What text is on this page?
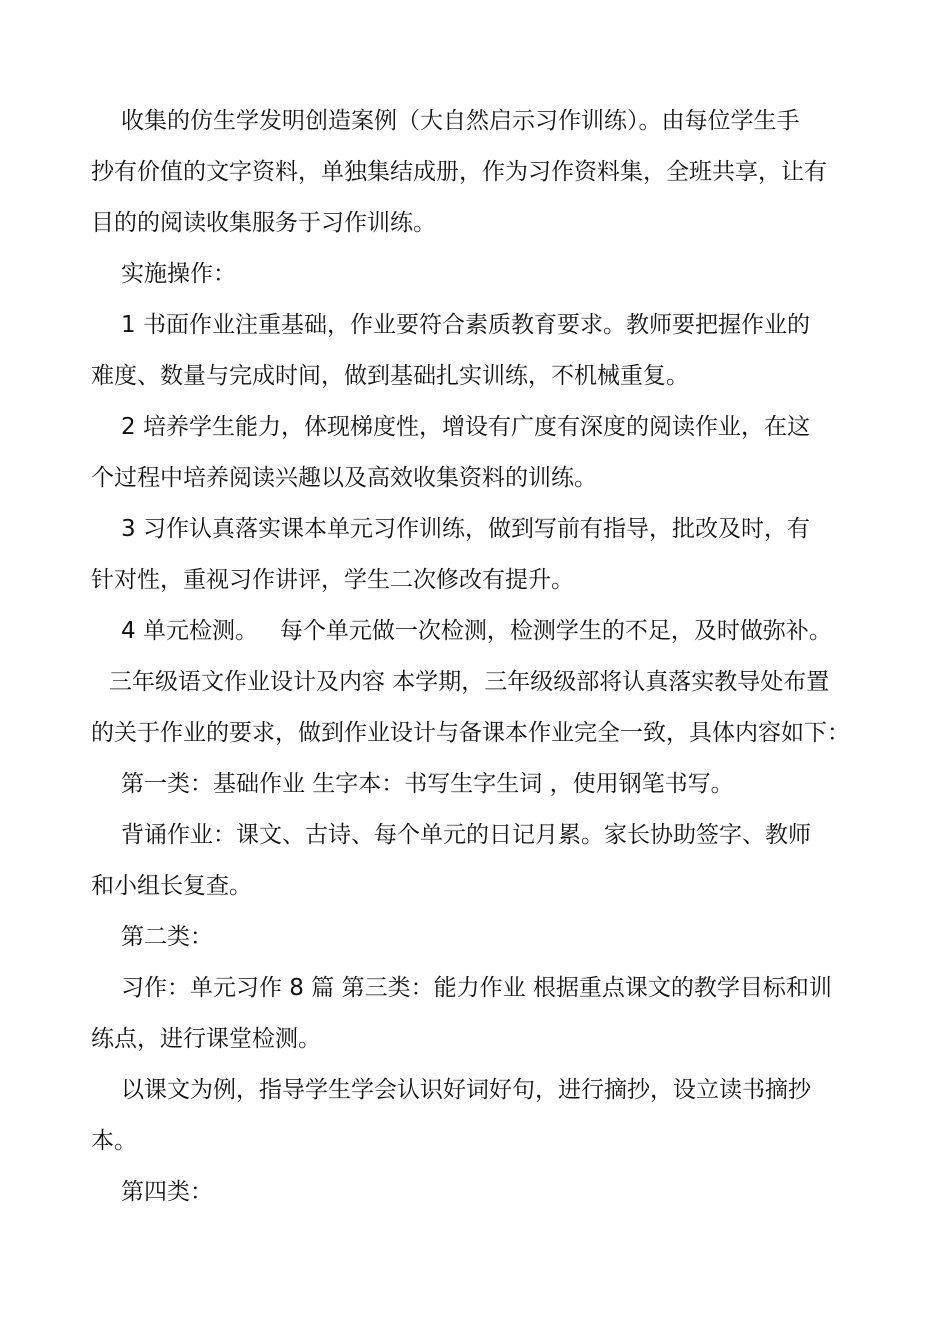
收集的仿生学发明创造案例（大自然启示习作训练）。由每位学生手

抄有价值的文字资料，单独集结成册，作为习作资料集，全班共享，让有

目的的阅读收集服务于习作训练。

实施操作：

1 书面作业注重基础，作业要符合素质教育要求。教师要把握作业的

难度、数量与完成时间，做到基础扎实训练，不机械重复。

2 培养学生能力，体现梯度性，增设有广度有深度的阅读作业，在这

个过程中培养阅读兴趣以及高效收集资料的训练。

3 习作认真落实课本单元习作训练，做到写前有指导，批改及时，有

针对性，重视习作讲评，学生二次修改有提升。

4 单元检测。   每个单元做一次检测，检测学生的不足，及时做弥补。

三年级语文作业设计及内容 本学期，三年级级部将认真落实教导处布置

的关于作业的要求，做到作业设计与备课本作业完全一致，具体内容如下：

第一类：基础作业 生字本：书写生字生词 ，使用钢笔书写。

背诵作业：课文、古诗、每个单元的日记月累。家长协助签字、教师

和小组长复查。

第二类：

习作：单元习作 8 篇 第三类：能力作业 根据重点课文的教学目标和训

练点，进行课堂检测。

以课文为例，指导学生学会认识好词好句，进行摘抄，设立读书摘抄

本。

第四类：
